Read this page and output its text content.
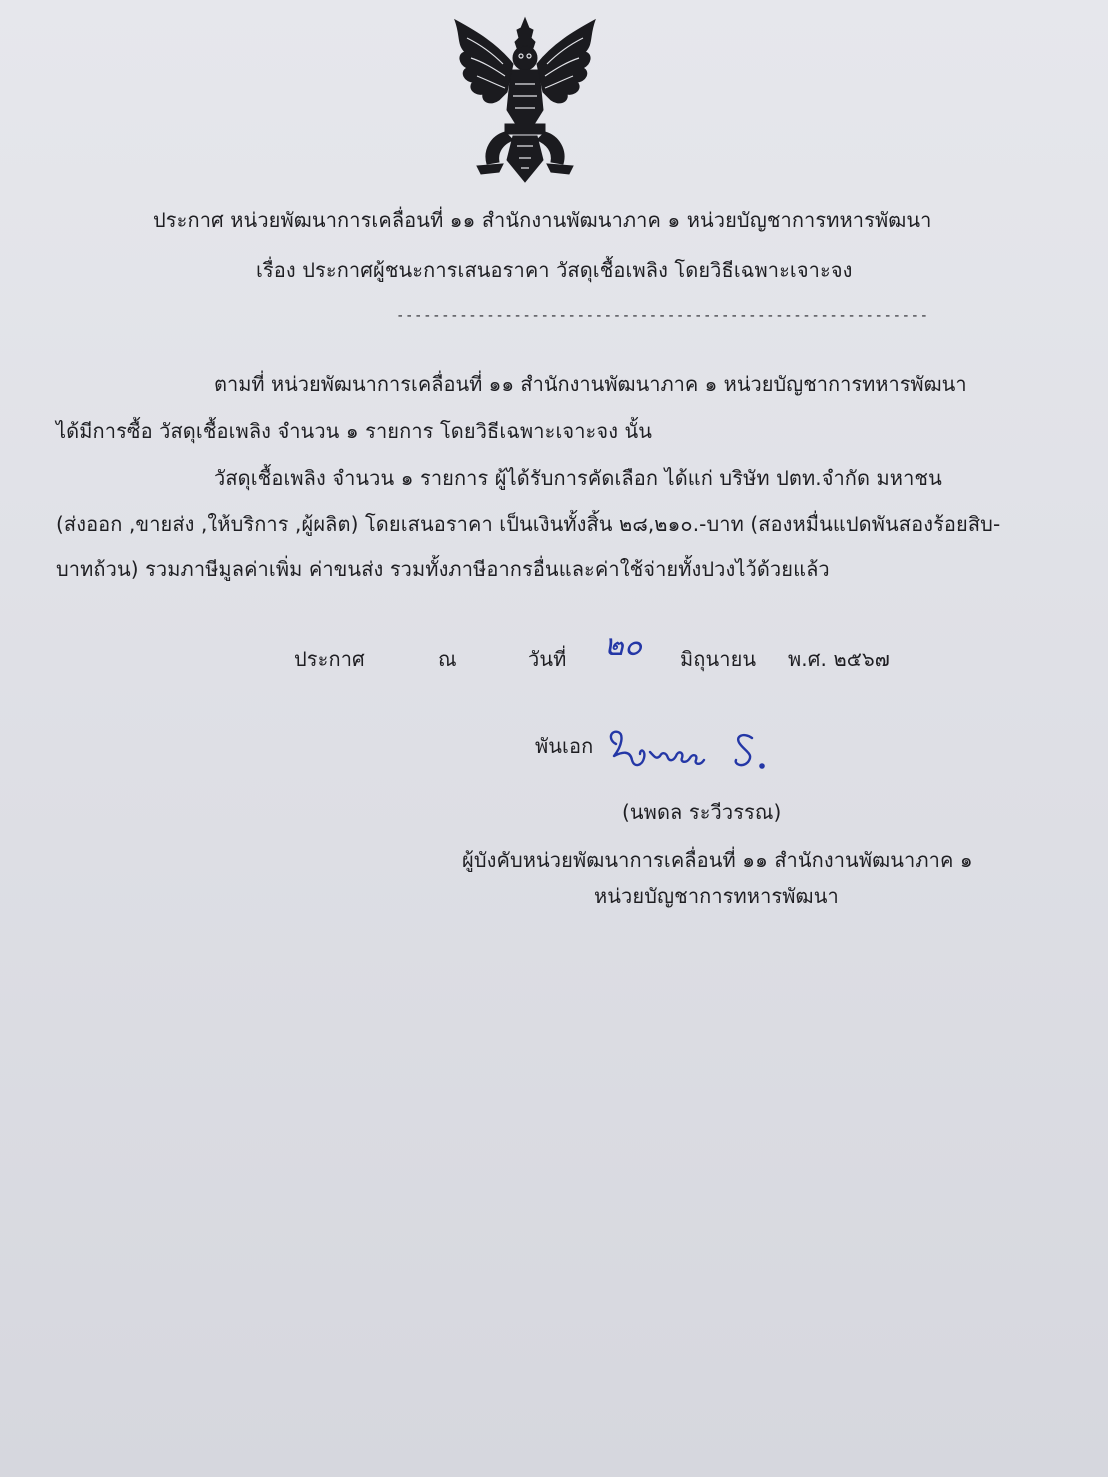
ประกาศ หน่วยพัฒนาการเคลื่อนที่ ๑๑ สำนักงานพัฒนาภาค ๑ หน่วยบัญชาการทหารพัฒนา
เรื่อง ประกาศผู้ชนะการเสนอราคา วัสดุเชื้อเพลิง โดยวิธีเฉพาะเจาะจง
-----------------------------------------------------------
ตามที่ หน่วยพัฒนาการเคลื่อนที่ ๑๑ สำนักงานพัฒนาภาค ๑ หน่วยบัญชาการทหารพัฒนา
ได้มีการซื้อ วัสดุเชื้อเพลิง จำนวน ๑ รายการ โดยวิธีเฉพาะเจาะจง นั้น
วัสดุเชื้อเพลิง จำนวน ๑ รายการ ผู้ได้รับการคัดเลือก ได้แก่ บริษัท ปตท.จำกัด มหาชน
(ส่งออก ,ขายส่ง ,ให้บริการ ,ผู้ผลิต) โดยเสนอราคา เป็นเงินทั้งสิ้น ๒๘,๒๑๐.-บาท (สองหมื่นแปดพันสองร้อยสิบ-
บาทถ้วน) รวมภาษีมูลค่าเพิ่ม ค่าขนส่ง รวมทั้งภาษีอากรอื่นและค่าใช้จ่ายทั้งปวงไว้ด้วยแล้ว
ประกาศ	ณ	วันที่ ๒๐ มิถุนายน พ.ศ. ๒๕๖๗
พันเอก
(นพดล ระวีวรรณ)
ผู้บังคับหน่วยพัฒนาการเคลื่อนที่ ๑๑ สำนักงานพัฒนาภาค ๑
หน่วยบัญชาการทหารพัฒนา
